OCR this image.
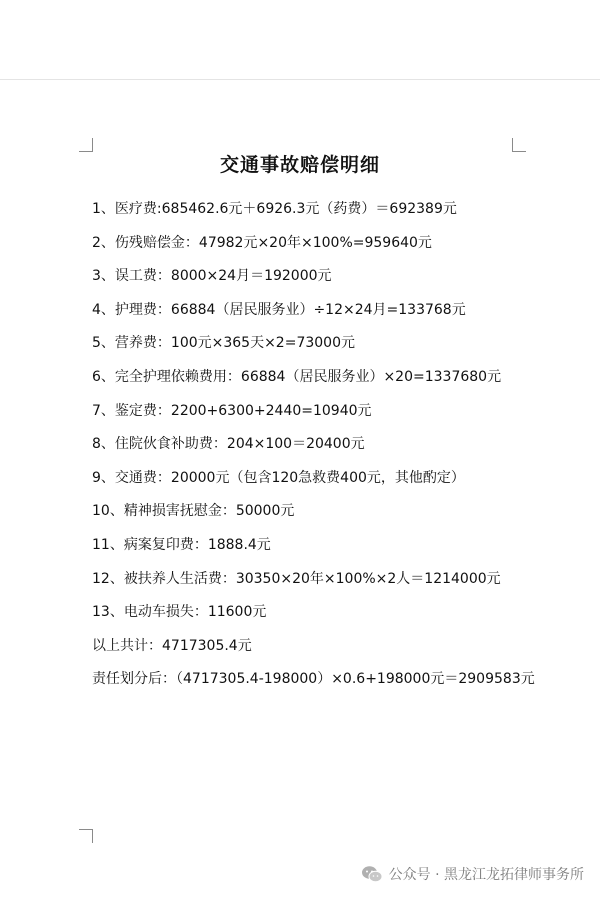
交通事故赔偿明细
1、医疗费:685462.6元＋6926.3元（药费）＝692389元
2、伤残赔偿金：47982元×20年×100%=959640元
3、误工费：8000×24月＝192000元
4、护理费：66884（居民服务业）÷12×24月=133768元
5、营养费：100元×365天×2=73000元
6、完全护理依赖费用：66884（居民服务业）×20=1337680元
7、鉴定费：2200+6300+2440=10940元
8、住院伙食补助费：204×100＝20400元
9、交通费：20000元（包含120急救费400元，其他酌定）
10、精神损害抚慰金：50000元
11、病案复印费：1888.4元
12、被扶养人生活费：30350×20年×100%×2人＝1214000元
13、电动车损失：11600元
以上共计：4717305.4元
责任划分后：（4717305.4-198000）×0.6+198000元＝2909583元
公众号 · 黑龙江龙拓律师事务所
